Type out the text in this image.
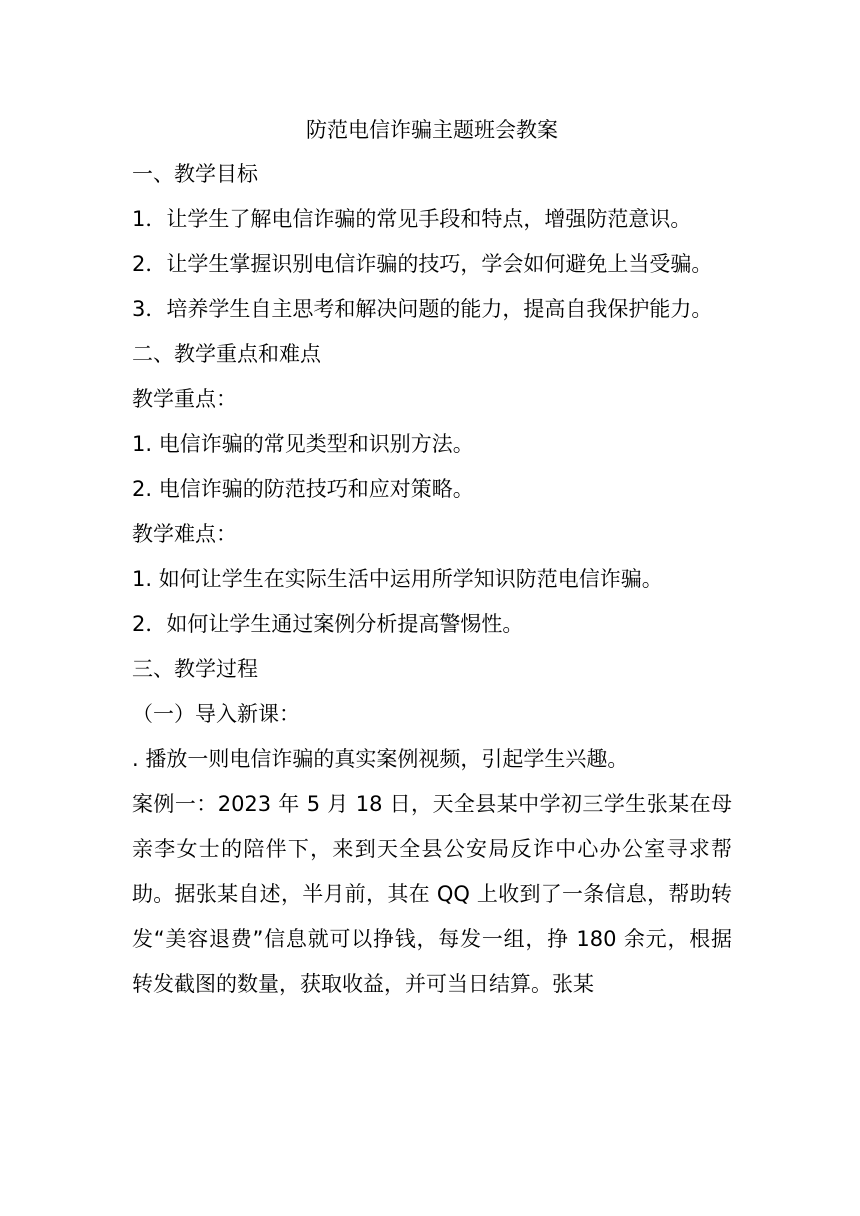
防范电信诈骗主题班会教案

一、教学目标

1．让学生了解电信诈骗的常见手段和特点，增强防范意识。

2．让学生掌握识别电信诈骗的技巧，学会如何避免上当受骗。

3．培养学生自主思考和解决问题的能力，提高自我保护能力。

二、教学重点和难点

教学重点：

1. 电信诈骗的常见类型和识别方法。

2. 电信诈骗的防范技巧和应对策略。

教学难点：

1. 如何让学生在实际生活中运用所学知识防范电信诈骗。

2．如何让学生通过案例分析提高警惕性。

三、教学过程

（一）导入新课：

. 播放一则电信诈骗的真实案例视频，引起学生兴趣。

案例一：2023 年 5 月 18 日，天全县某中学初三学生张某在母亲李女士的陪伴下，来到天全县公安局反诈中心办公室寻求帮助。据张某自述，半月前，其在 QQ 上收到了一条信息，帮助转发“美容退费”信息就可以挣钱，每发一组，挣 180 余元，根据转发截图的数量，获取收益，并可当日结算。张某
